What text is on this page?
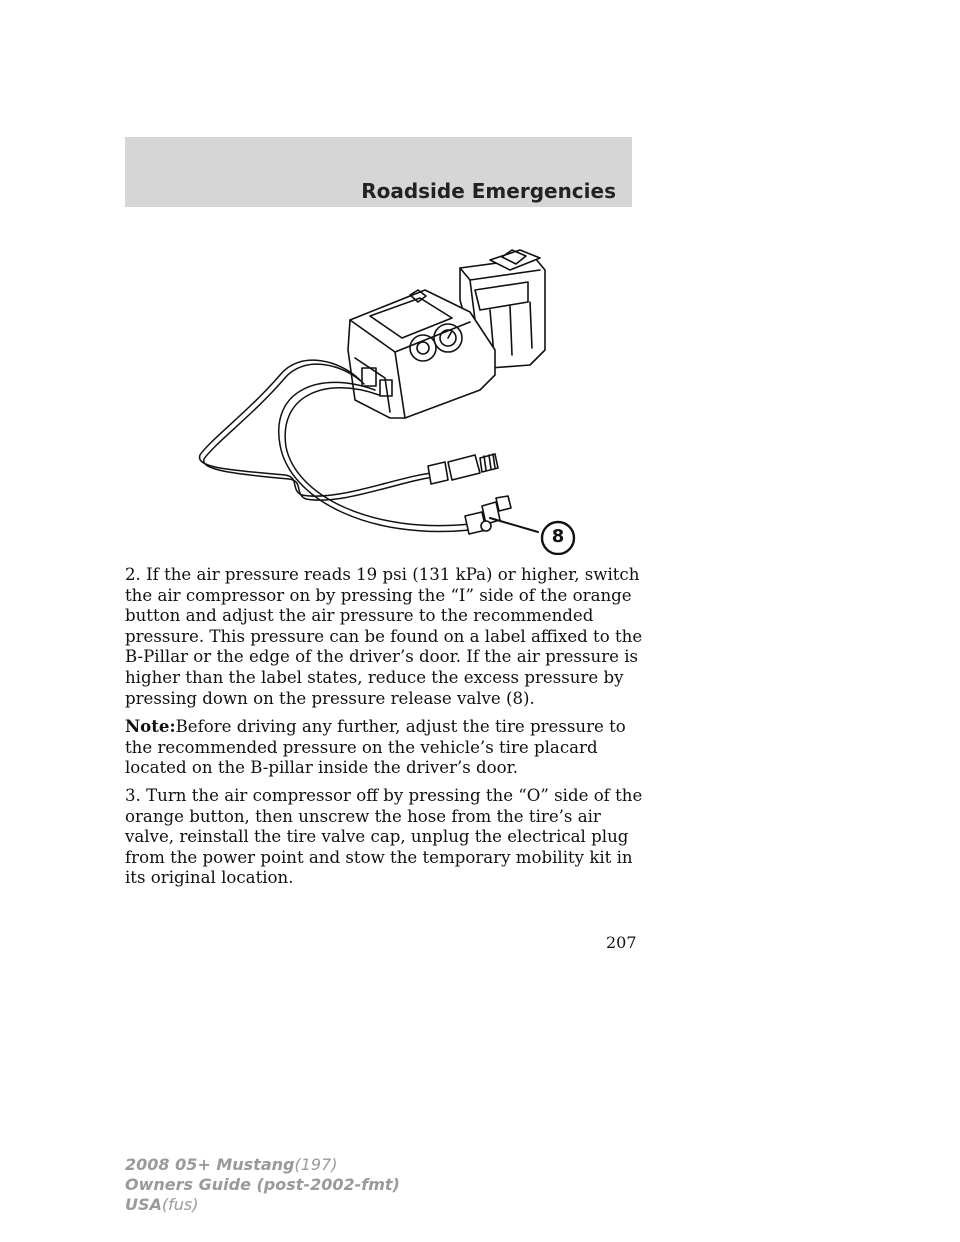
Roadside Emergencies
8

2. If the air pressure reads 19 psi (131 kPa) or higher, switch the air compressor on by pressing the “I” side of the orange button and adjust the air pressure to the recommended pressure. This pressure can be found on a label affixed to the B-Pillar or the edge of the driver’s door. If the air pressure is higher than the label states, reduce the excess pressure by pressing down on the pressure release valve (8).

Note:Before driving any further, adjust the tire pressure to the recommended pressure on the vehicle’s tire placard located on the B-pillar inside the driver’s door.

3. Turn the air compressor off by pressing the “O” side of the orange button, then unscrew the hose from the tire’s air valve, reinstall the tire valve cap, unplug the electrical plug from the power point and stow the temporary mobility kit in its original location.

207
2008 05+ Mustang(197)
Owners Guide (post-2002-fmt)
USA(fus)
